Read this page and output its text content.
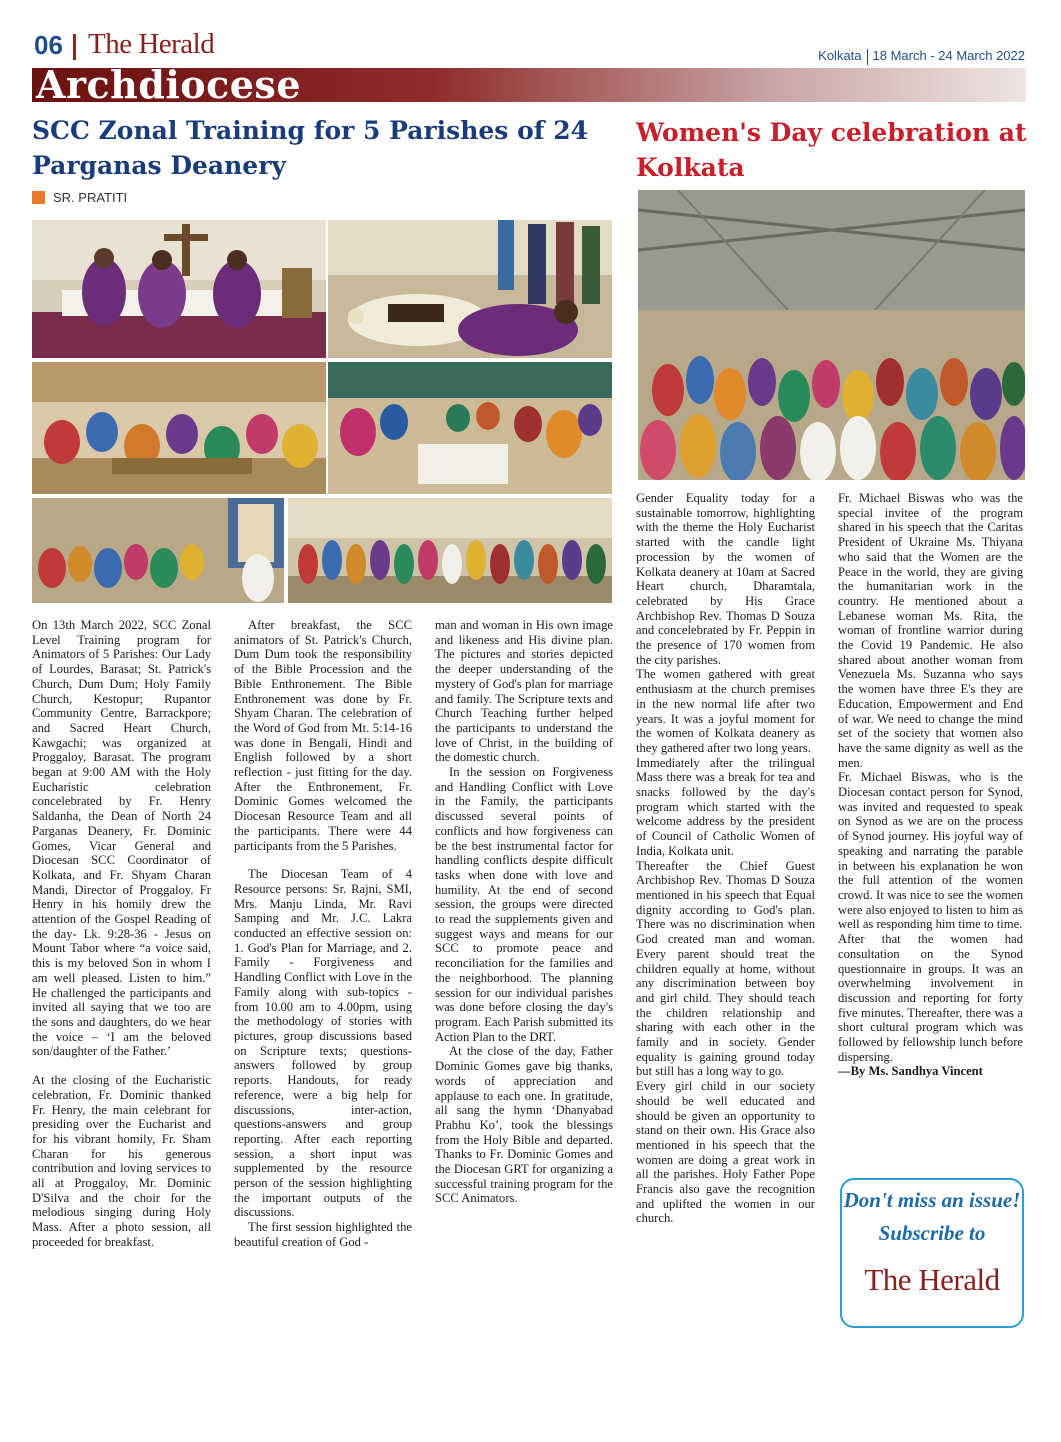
06 The Herald	Kolkata 18 March - 24 March 2022
Archdiocese
SCC Zonal Training for 5 Parishes of 24 Parganas Deanery
Women's Day celebration at Kolkata
SR. PRATITI

On 13th March 2022, SCC Zonal Level Training program for Animators of 5 Parishes: Our Lady of Lourdes, Barasat; St. Patrick's Church, Dum Dum; Holy Family Church, Kestopur; Rupantor Community Centre, Barrackpore; and Sacred Heart Church, Kawgachi; was organized at Proggaloy, Barasat. The program began at 9:00 AM with the Holy Eucharistic celebration concelebrated by Fr. Henry Saldanha, the Dean of North 24 Parganas Deanery, Fr. Dominic Gomes, Vicar General and Diocesan SCC Coordinator of Kolkata, and Fr. Shyam Charan Mandi, Director of Proggaloy. Fr Henry in his homily drew the attention of the Gospel Reading of the day- Lk. 9:28-36 - Jesus on Mount Tabor where “a voice said, this is my beloved Son in whom I am well pleased. Listen to him.” He challenged the participants and invited all saying that we too are the sons and daughters, do we hear the voice – ‘I am the beloved son/daughter of the Father.’

At the closing of the Eucharistic celebration, Fr. Dominic thanked Fr. Henry, the main celebrant for presiding over the Eucharist and for his vibrant homily, Fr. Sham Charan for his generous contribution and loving services to all at Proggaloy, Mr. Dominic D'Silva and the choir for the melodious singing during Holy Mass. After a photo session, all proceeded for breakfast.

After breakfast, the SCC animators of St. Patrick's Church, Dum Dum took the responsibility of the Bible Procession and the Bible Enthronement. The Bible Enthronement was done by Fr. Shyam Charan. The celebration of the Word of God from Mt. 5:14-16 was done in Bengali, Hindi and English followed by a short reflection - just fitting for the day. After the Enthronement, Fr. Dominic Gomes welcomed the Diocesan Resource Team and all the participants. There were 44 participants from the 5 Parishes.

The Diocesan Team of 4 Resource persons: Sr. Rajni, SMI, Mrs. Manju Linda, Mr. Ravi Samping and Mr. J.C. Lakra conducted an effective session on: 1. God's Plan for Marriage, and 2. Family - Forgiveness and Handling Conflict with Love in the Family along with sub-topics - from 10.00 am to 4.00pm, using the methodology of stories with pictures, group discussions based on Scripture texts; questions-answers followed by group reports. Handouts, for ready reference, were a big help for discussions, inter-action, questions-answers and group reporting. After each reporting session, a short input was supplemented by the resource person of the session highlighting the important outputs of the discussions.

The first session highlighted the beautiful creation of God -

man and woman in His own image and likeness and His divine plan. The pictures and stories depicted the deeper understanding of the mystery of God's plan for marriage and family. The Scripture texts and Church Teaching further helped the participants to understand the love of Christ, in the building of the domestic church.

In the session on Forgiveness and Handling Conflict with Love in the Family, the participants discussed several points of conflicts and how forgiveness can be the best instrumental factor for handling conflicts despite difficult tasks when done with love and humility. At the end of second session, the groups were directed to read the supplements given and suggest ways and means for our SCC to promote peace and reconciliation for the families and the neighborhood. The planning session for our individual parishes was done before closing the day's program. Each Parish submitted its Action Plan to the DRT.

At the close of the day, Father Dominic Gomes gave big thanks, words of appreciation and applause to each one. In gratitude, all sang the hymn ‘Dhanyabad Prabhu Ko’, took the blessings from the Holy Bible and departed. Thanks to Fr. Dominic Gomes and the Diocesan GRT for organizing a successful training program for the SCC Animators.

Gender Equality today for a sustainable tomorrow, highlighting with the theme the Holy Eucharist started with the candle light procession by the women of Kolkata deanery at 10am at Sacred Heart church, Dharamtala, celebrated by His Grace Archbishop Rev. Thomas D Souza and concelebrated by Fr. Peppin in the presence of 170 women from the city parishes.

The women gathered with great enthusiasm at the church premises in the new normal life after two years. It was a joyful moment for the women of Kolkata deanery as they gathered after two long years.

Immediately after the trilingual Mass there was a break for tea and snacks followed by the day's program which started with the welcome address by the president of Council of Catholic Women of India, Kolkata unit.

Thereafter the Chief Guest Archbishop Rev. Thomas D Souza mentioned in his speech that Equal dignity according to God's plan. There was no discrimination when God created man and woman. Every parent should treat the children equally at home, without any discrimination between boy and girl child. They should teach the children relationship and sharing with each other in the family and in society. Gender equality is gaining ground today but still has a long way to go.

Every girl child in our society should be well educated and should be given an opportunity to stand on their own. His Grace also mentioned in his speech that the women are doing a great work in all the parishes. Holy Father Pope Francis also gave the recognition and uplifted the women in our church.

Fr. Michael Biswas who was the special invitee of the program shared in his speech that the Caritas President of Ukraine Ms. Thiyana who said that the Women are the Peace in the world, they are giving the humanitarian work in the country. He mentioned about a Lebanese woman Ms. Rita, the woman of frontline warrior during the Covid 19 Pandemic. He also shared about another woman from Venezuela Ms. Suzanna who says the women have three E's they are Education, Empowerment and End of war. We need to change the mind set of the society that women also have the same dignity as well as the men.

Fr. Michael Biswas, who is the Diocesan contact person for Synod, was invited and requested to speak on Synod as we are on the process of Synod journey. His joyful way of speaking and narrating the parable in between his explanation he won the full attention of the women crowd. It was nice to see the women were also enjoyed to listen to him as well as responding him time to time.

After that the women had consultation on the Synod questionnaire in groups. It was an overwhelming involvement in discussion and reporting for forty five minutes. Thereafter, there was a short cultural program which was followed by fellowship lunch before dispersing.

—By Ms. Sandhya Vincent

Don't miss an issue!
Subscribe to
The Herald
